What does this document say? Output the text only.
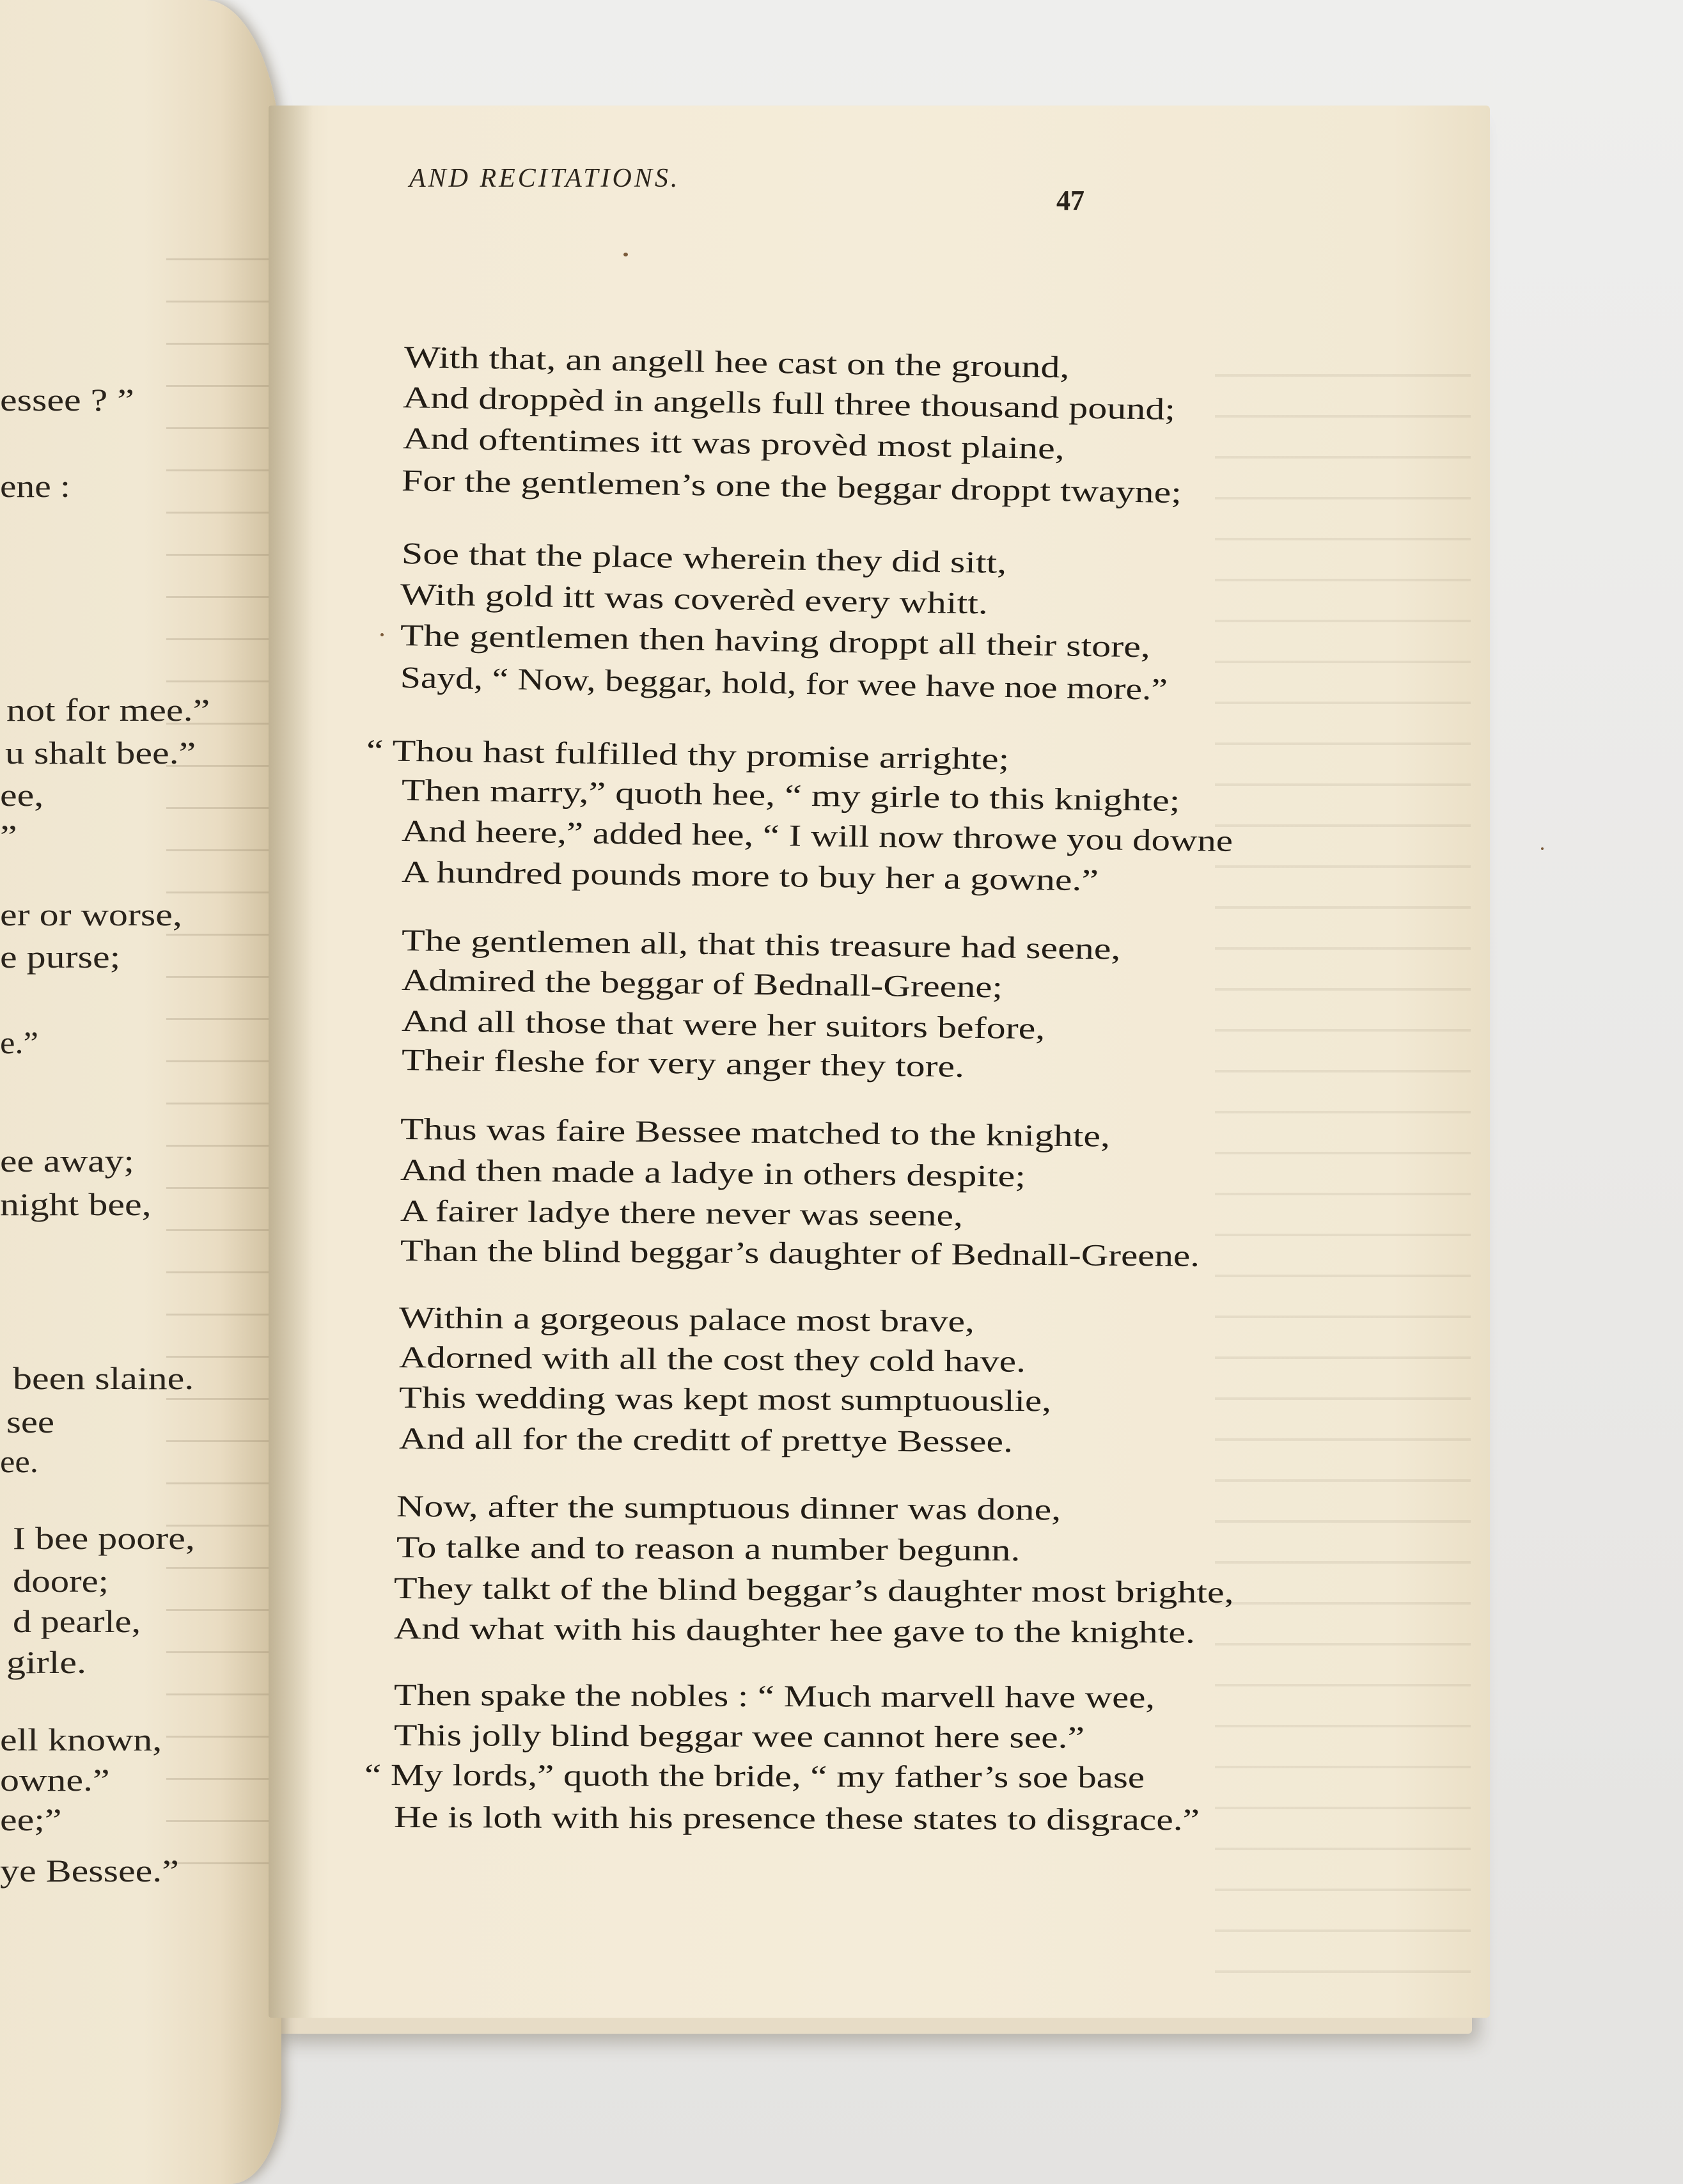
AND RECITATIONS.
47
With that, an angell hee cast on the ground,
And droppèd in angells full three thousand pound;
And oftentimes itt was provèd most plaine,
For the gentlemen’s one the beggar droppt twayne;
Soe that the place wherein they did sitt,
With gold itt was coverèd every whitt.
The gentlemen then having droppt all their store,
Sayd, “ Now, beggar, hold, for wee have noe more.”
“ Thou hast fulfilled thy promise arrighte;
Then marry,” quoth hee, “ my girle to this knighte;
And heere,” added hee, “ I will now throwe you downe
A hundred pounds more to buy her a gowne.”
The gentlemen all, that this treasure had seene,
Admired the beggar of Bednall-Greene;
And all those that were her suitors before,
Their fleshe for very anger they tore.
Thus was faire Bessee matched to the knighte,
And then made a ladye in others despite;
A fairer ladye there never was seene,
Than the blind beggar’s daughter of Bednall-Greene.
Within a gorgeous palace most brave,
Adorned with all the cost they cold have.
This wedding was kept most sumptuouslie,
And all for the creditt of prettye Bessee.
Now, after the sumptuous dinner was done,
To talke and to reason a number begunn.
They talkt of the blind beggar’s daughter most brighte,
And what with his daughter hee gave to the knighte.
Then spake the nobles : “ Much marvell have wee,
This jolly blind beggar wee cannot here see.”
“ My lords,” quoth the bride, “ my father’s soe base
He is loth with his presence these states to disgrace.”
essee ? ”
ene :
not for mee.”
u shalt bee.”
ee,
”
er or worse,
e purse;
e.”
ee away;
night bee,
been slaine.
see
ee.
I bee poore,
doore;
d pearle,
girle.
ell known,
owne.”
ee;”
ye Bessee.”
